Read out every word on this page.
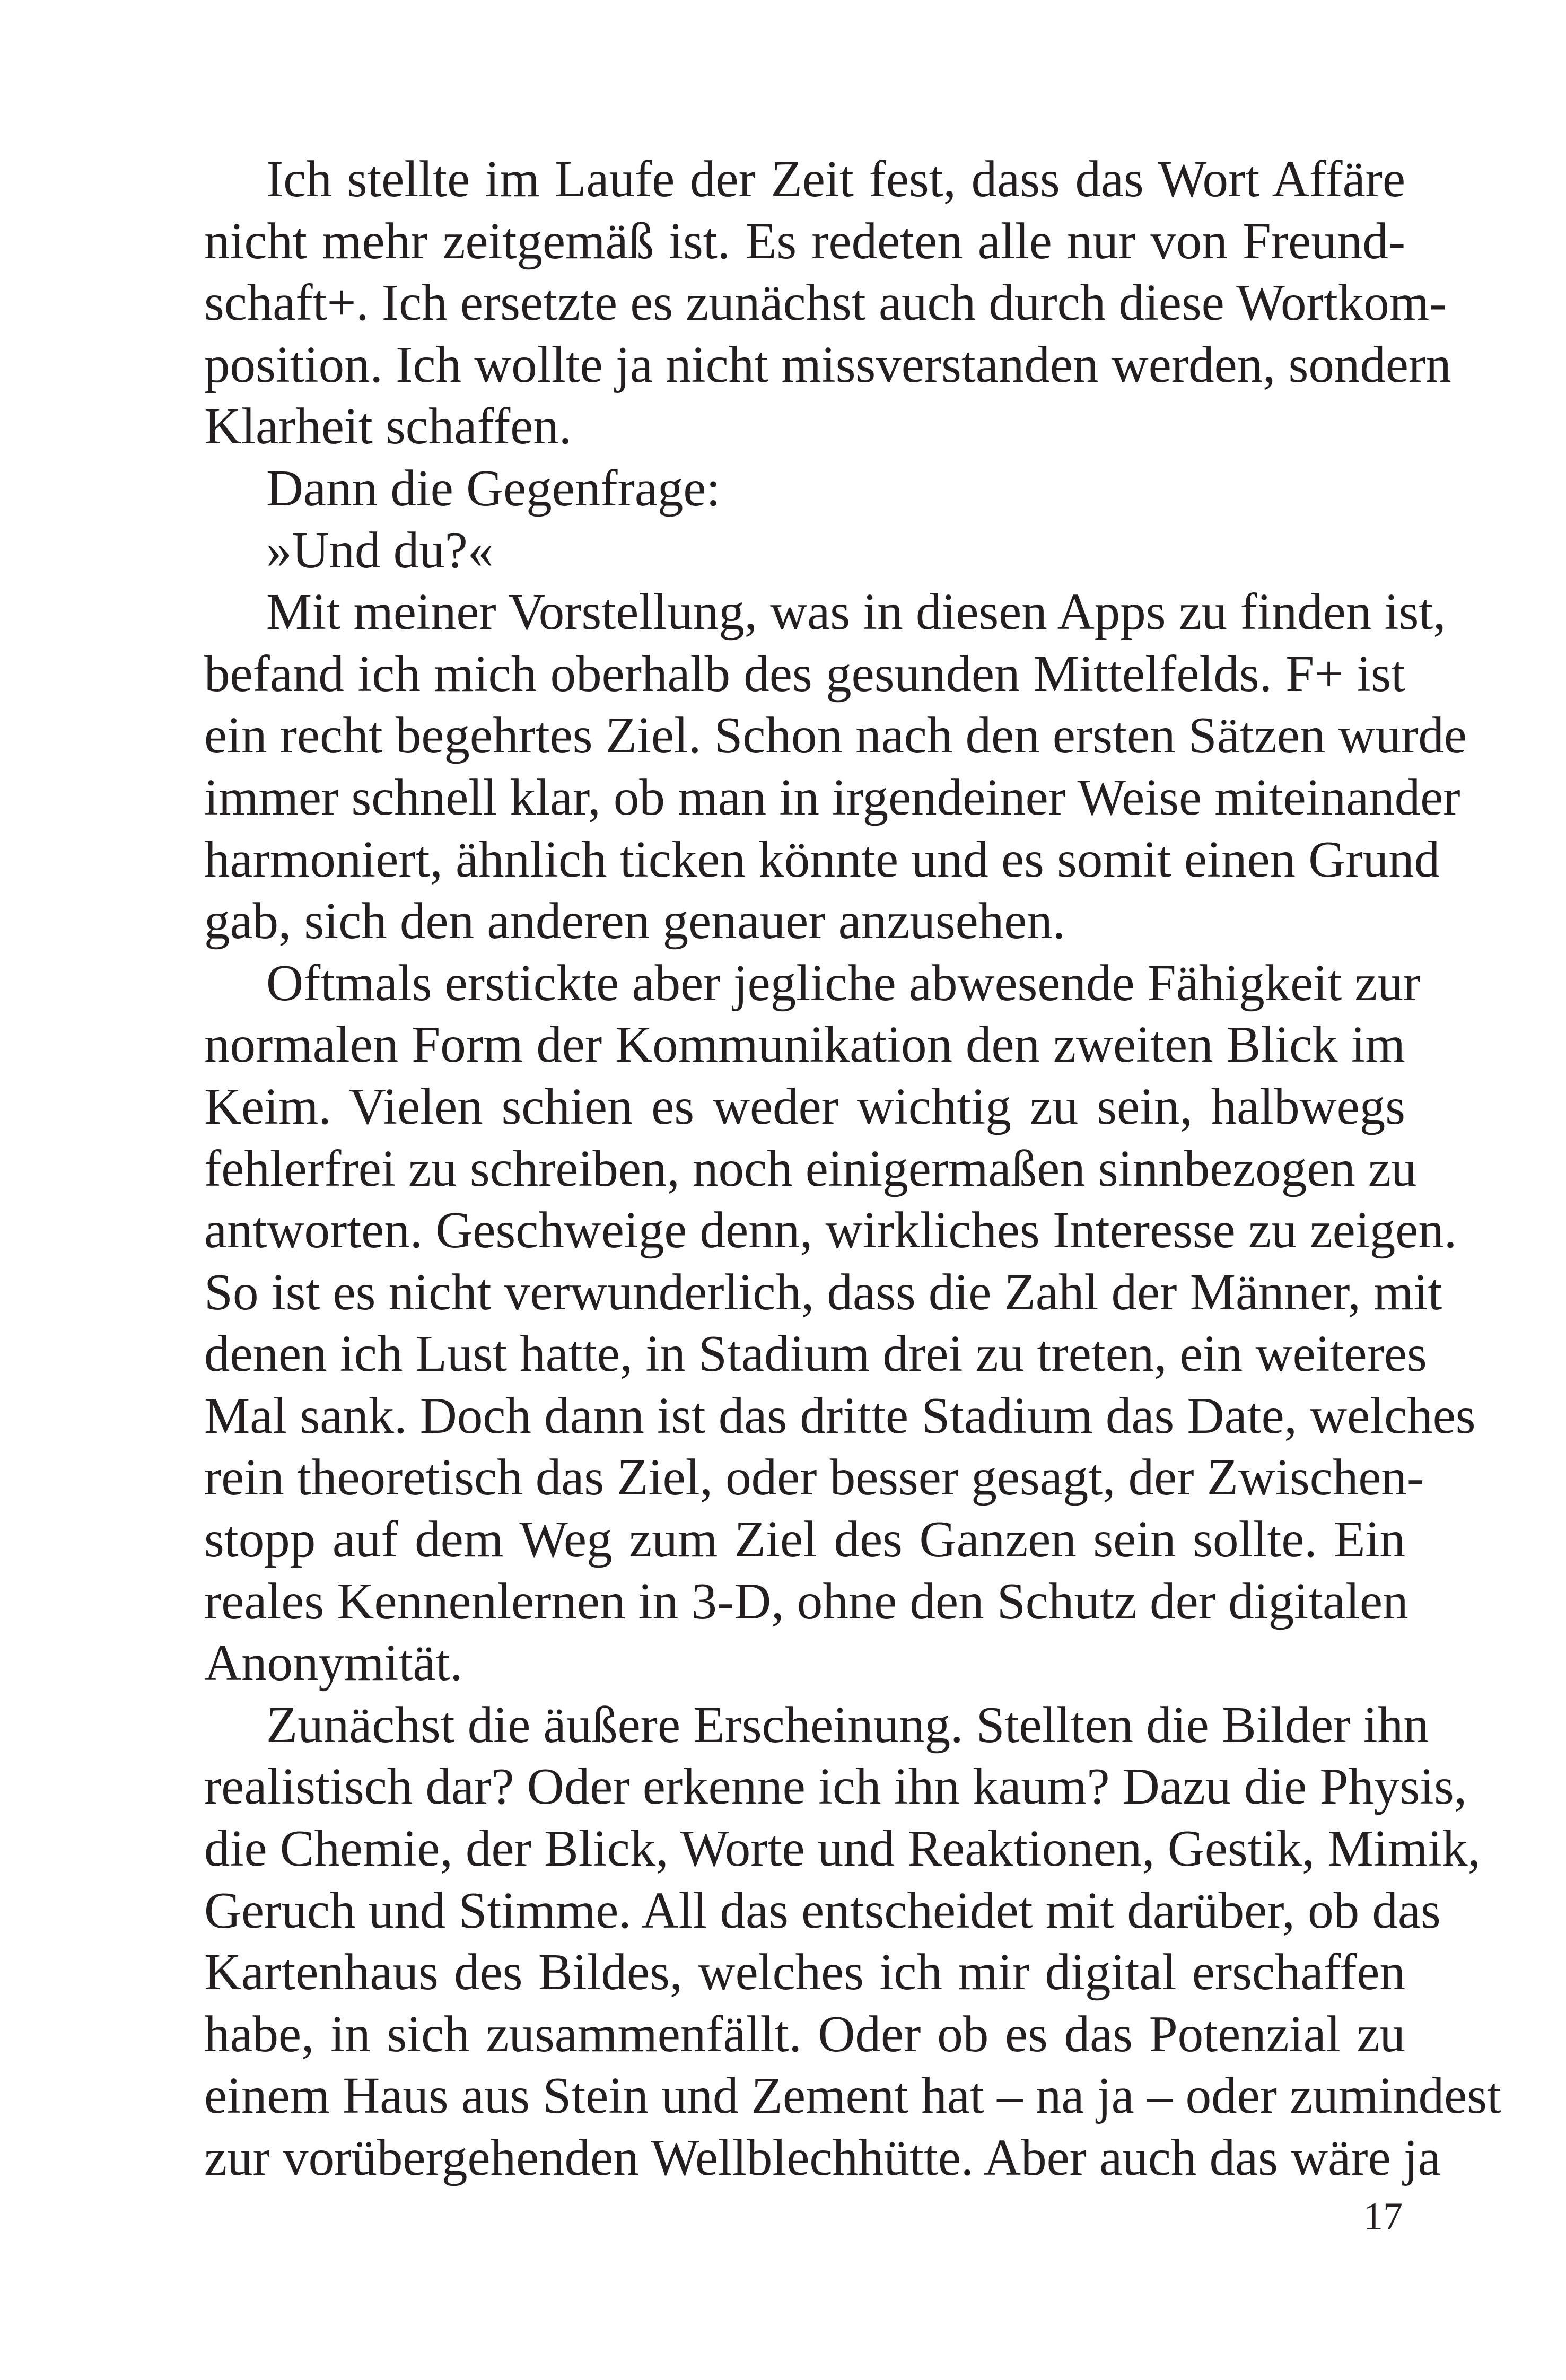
Ich stellte im Laufe der Zeit fest, dass das Wort Affäre
nicht mehr zeitgemäß ist. Es redeten alle nur von Freund-
schaft+. Ich ersetzte es zunächst auch durch diese Wortkom-
position. Ich wollte ja nicht missverstanden werden, sondern
Klarheit schaffen.
Dann die Gegenfrage:
»Und du?«
Mit meiner Vorstellung, was in diesen Apps zu finden ist,
befand ich mich oberhalb des gesunden Mittelfelds. F+ ist
ein recht begehrtes Ziel. Schon nach den ersten Sätzen wurde
immer schnell klar, ob man in irgendeiner Weise miteinander
harmoniert, ähnlich ticken könnte und es somit einen Grund
gab, sich den anderen genauer anzusehen.
Oftmals erstickte aber jegliche abwesende Fähigkeit zur
normalen Form der Kommunikation den zweiten Blick im
Keim. Vielen schien es weder wichtig zu sein, halbwegs
fehlerfrei zu schreiben, noch einigermaßen sinnbezogen zu
antworten. Geschweige denn, wirkliches Interesse zu zeigen.
So ist es nicht verwunderlich, dass die Zahl der Männer, mit
denen ich Lust hatte, in Stadium drei zu treten, ein weiteres
Mal sank. Doch dann ist das dritte Stadium das Date, welches
rein theoretisch das Ziel, oder besser gesagt, der Zwischen-
stopp auf dem Weg zum Ziel des Ganzen sein sollte. Ein
reales Kennenlernen in 3-D, ohne den Schutz der digitalen
Anonymität.
Zunächst die äußere Erscheinung. Stellten die Bilder ihn
realistisch dar? Oder erkenne ich ihn kaum? Dazu die Physis,
die Chemie, der Blick, Worte und Reaktionen, Gestik, Mimik,
Geruch und Stimme. All das entscheidet mit darüber, ob das
Kartenhaus des Bildes, welches ich mir digital erschaffen
habe, in sich zusammenfällt. Oder ob es das Potenzial zu
einem Haus aus Stein und Zement hat – na ja – oder zumindest
zur vorübergehenden Wellblechhütte. Aber auch das wäre ja
17
